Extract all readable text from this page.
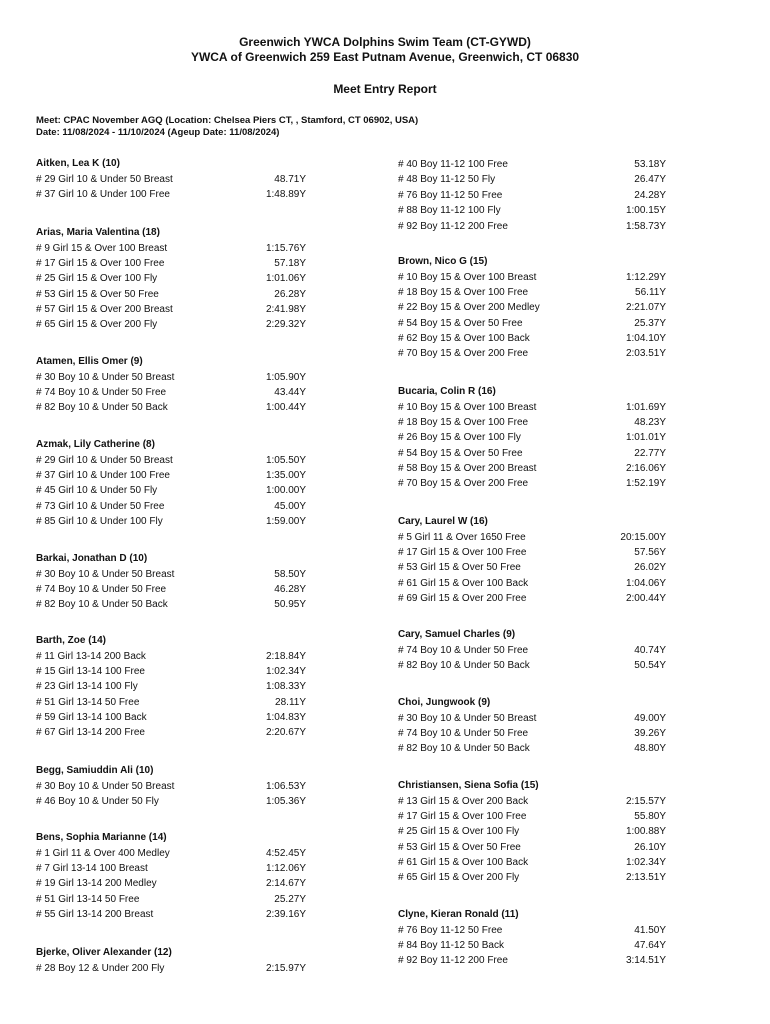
Greenwich YWCA Dolphins Swim Team (CT-GYWD)
YWCA of Greenwich 259 East Putnam Avenue, Greenwich, CT 06830
Meet Entry Report
Meet: CPAC November AGQ (Location: Chelsea Piers CT, , Stamford, CT 06902, USA)
Date: 11/08/2024 - 11/10/2024 (Ageup Date: 11/08/2024)
Aitken, Lea K (10)
# 29 Girl 10 & Under 50 Breast	48.71Y
# 37 Girl 10 & Under 100 Free	1:48.89Y
Arias, Maria Valentina (18)
# 9 Girl 15 & Over 100 Breast	1:15.76Y
# 17 Girl 15 & Over 100 Free	57.18Y
# 25 Girl 15 & Over 100 Fly	1:01.06Y
# 53 Girl 15 & Over 50 Free	26.28Y
# 57 Girl 15 & Over 200 Breast	2:41.98Y
# 65 Girl 15 & Over 200 Fly	2:29.32Y
Atamen, Ellis Omer (9)
# 30 Boy 10 & Under 50 Breast	1:05.90Y
# 74 Boy 10 & Under 50 Free	43.44Y
# 82 Boy 10 & Under 50 Back	1:00.44Y
Azmak, Lily Catherine (8)
# 29 Girl 10 & Under 50 Breast	1:05.50Y
# 37 Girl 10 & Under 100 Free	1:35.00Y
# 45 Girl 10 & Under 50 Fly	1:00.00Y
# 73 Girl 10 & Under 50 Free	45.00Y
# 85 Girl 10 & Under 100 Fly	1:59.00Y
Barkai, Jonathan D (10)
# 30 Boy 10 & Under 50 Breast	58.50Y
# 74 Boy 10 & Under 50 Free	46.28Y
# 82 Boy 10 & Under 50 Back	50.95Y
Barth, Zoe (14)
# 11 Girl 13-14 200 Back	2:18.84Y
# 15 Girl 13-14 100 Free	1:02.34Y
# 23 Girl 13-14 100 Fly	1:08.33Y
# 51 Girl 13-14 50 Free	28.11Y
# 59 Girl 13-14 100 Back	1:04.83Y
# 67 Girl 13-14 200 Free	2:20.67Y
Begg, Samiuddin Ali (10)
# 30 Boy 10 & Under 50 Breast	1:06.53Y
# 46 Boy 10 & Under 50 Fly	1:05.36Y
Bens, Sophia Marianne (14)
# 1 Girl 11 & Over 400 Medley	4:52.45Y
# 7 Girl 13-14 100 Breast	1:12.06Y
# 19 Girl 13-14 200 Medley	2:14.67Y
# 51 Girl 13-14 50 Free	25.27Y
# 55 Girl 13-14 200 Breast	2:39.16Y
Bjerke, Oliver Alexander (12)
# 28 Boy 12 & Under 200 Fly	2:15.97Y
# 40 Boy 11-12 100 Free	53.18Y
# 48 Boy 11-12 50 Fly	26.47Y
# 76 Boy 11-12 50 Free	24.28Y
# 88 Boy 11-12 100 Fly	1:00.15Y
# 92 Boy 11-12 200 Free	1:58.73Y
Brown, Nico G (15)
# 10 Boy 15 & Over 100 Breast	1:12.29Y
# 18 Boy 15 & Over 100 Free	56.11Y
# 22 Boy 15 & Over 200 Medley	2:21.07Y
# 54 Boy 15 & Over 50 Free	25.37Y
# 62 Boy 15 & Over 100 Back	1:04.10Y
# 70 Boy 15 & Over 200 Free	2:03.51Y
Bucaria, Colin R (16)
# 10 Boy 15 & Over 100 Breast	1:01.69Y
# 18 Boy 15 & Over 100 Free	48.23Y
# 26 Boy 15 & Over 100 Fly	1:01.01Y
# 54 Boy 15 & Over 50 Free	22.77Y
# 58 Boy 15 & Over 200 Breast	2:16.06Y
# 70 Boy 15 & Over 200 Free	1:52.19Y
Cary, Laurel W (16)
# 5 Girl 11 & Over 1650 Free	20:15.00Y
# 17 Girl 15 & Over 100 Free	57.56Y
# 53 Girl 15 & Over 50 Free	26.02Y
# 61 Girl 15 & Over 100 Back	1:04.06Y
# 69 Girl 15 & Over 200 Free	2:00.44Y
Cary, Samuel Charles (9)
# 74 Boy 10 & Under 50 Free	40.74Y
# 82 Boy 10 & Under 50 Back	50.54Y
Choi, Jungwook (9)
# 30 Boy 10 & Under 50 Breast	49.00Y
# 74 Boy 10 & Under 50 Free	39.26Y
# 82 Boy 10 & Under 50 Back	48.80Y
Christiansen, Siena Sofia (15)
# 13 Girl 15 & Over 200 Back	2:15.57Y
# 17 Girl 15 & Over 100 Free	55.80Y
# 25 Girl 15 & Over 100 Fly	1:00.88Y
# 53 Girl 15 & Over 50 Free	26.10Y
# 61 Girl 15 & Over 100 Back	1:02.34Y
# 65 Girl 15 & Over 200 Fly	2:13.51Y
Clyne, Kieran Ronald (11)
# 76 Boy 11-12 50 Free	41.50Y
# 84 Boy 11-12 50 Back	47.64Y
# 92 Boy 11-12 200 Free	3:14.51Y
